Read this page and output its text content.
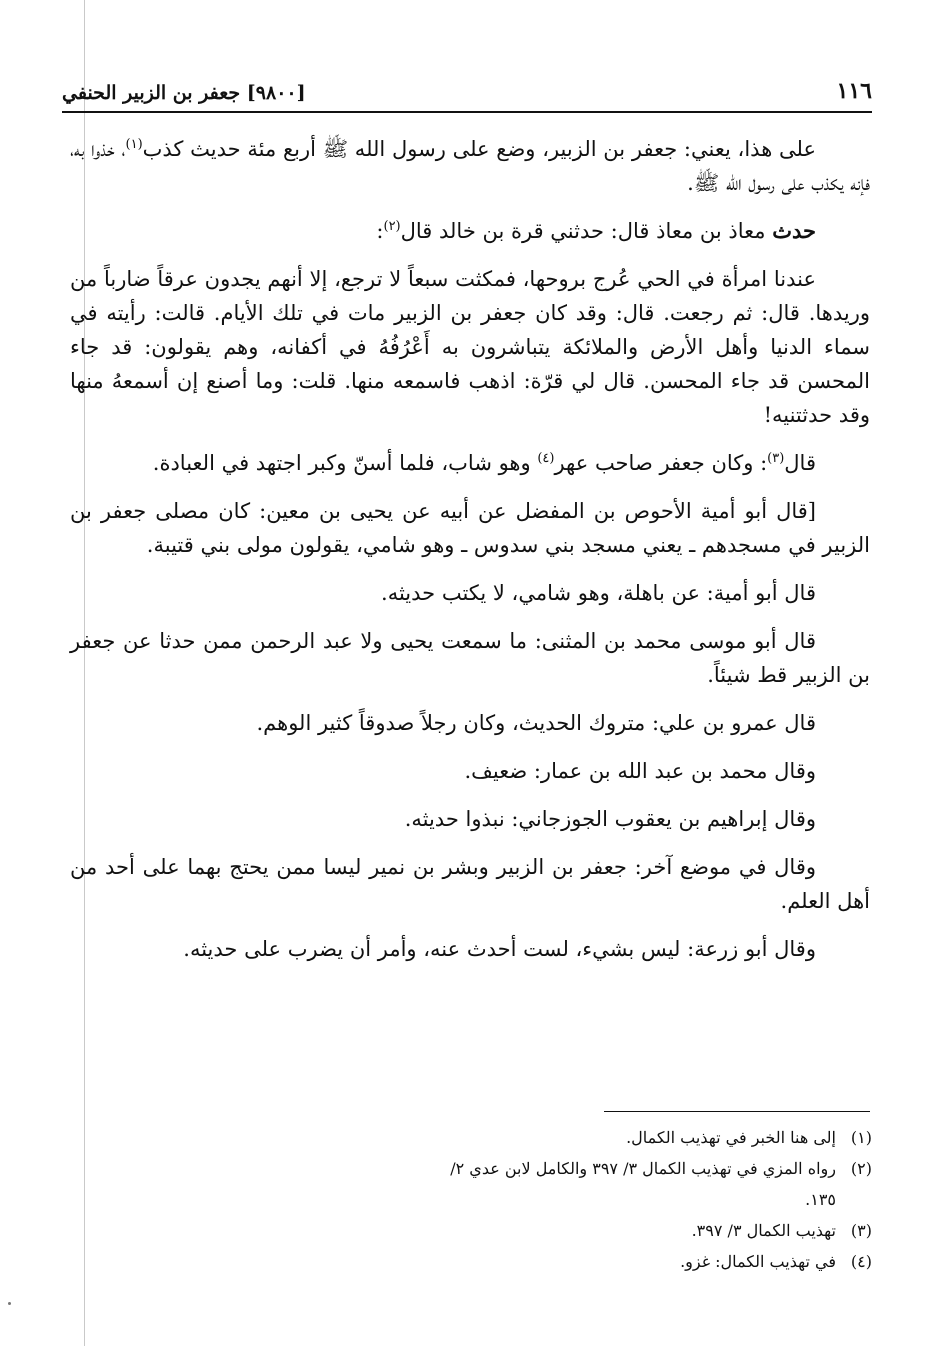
١١٦
[٩٨٠٠] جعفر بن الزبير الحنفي

على هذا، يعني: جعفر بن الزبير، وضع على رسول الله ﷺ أربع مئة حديث كذب$^{(١)}$، خذوا به، فإنه يكذب على رسول الله ﷺ.

حدث معاذ بن معاذ قال: حدثني قرة بن خالد قال$^{(٢)}$:

عندنا امرأة في الحي عُرج بروحها، فمكثت سبعاً لا ترجع، إلا أنهم يجدون عرقاً ضارباً من وريدها. قال: ثم رجعت. قال: وقد كان جعفر بن الزبير مات في تلك الأيام. قالت: رأيته في سماء الدنيا وأهل الأرض والملائكة يتباشرون به أَعْرُفُهُ في أكفانه، وهم يقولون: قد جاء المحسن قد جاء المحسن. قال لي قرّة: اذهب فاسمعه منها. قلت: وما أصنع إن أسمعهُ منها وقد حدثتنيه!

قال$^{(٣)}$: وكان جعفر صاحب عهر$^{(٤)}$ وهو شاب، فلما أسنّ وكبر اجتهد في العبادة.

[قال أبو أمية الأحوص بن المفضل عن أبيه عن يحيى بن معين: كان مصلى جعفر بن الزبير في مسجدهم ـ يعني مسجد بني سدوس ـ وهو شامي، يقولون مولى بني قتيبة.

قال أبو أمية: عن باهلة، وهو شامي، لا يكتب حديثه.

قال أبو موسى محمد بن المثنى: ما سمعت يحيى ولا عبد الرحمن ممن حدثا عن جعفر بن الزبير قط شيئاً.

قال عمرو بن علي: متروك الحديث، وكان رجلاً صدوقاً كثير الوهم.

وقال محمد بن عبد الله بن عمار: ضعيف.

وقال إبراهيم بن يعقوب الجوزجاني: نبذوا حديثه.

وقال في موضع آخر: جعفر بن الزبير وبشر بن نمير ليسا ممن يحتج بهما على أحد من أهل العلم.

وقال أبو زرعة: ليس بشيء، لست أحدث عنه، وأمر أن يضرب على حديثه.

(١)
إلى هنا الخبر في تهذيب الكمال.
(٢)
رواه المزي في تهذيب الكمال ٣/ ٣٩٧ والكامل لابن عدي ٢/ ١٣٥.
(٣)
تهذيب الكمال ٣/ ٣٩٧.
(٤)
في تهذيب الكمال: غزو.
